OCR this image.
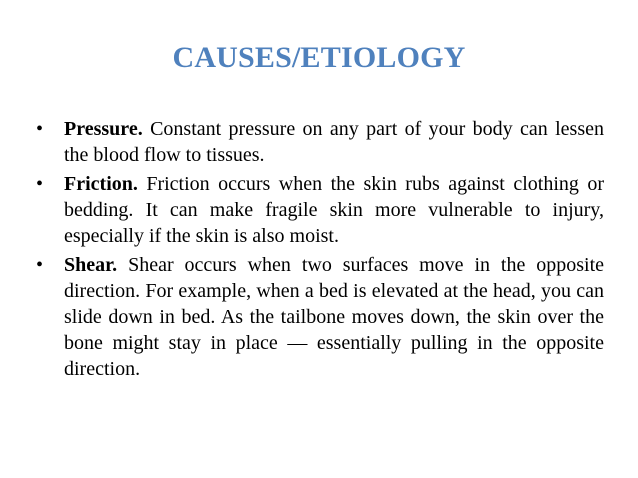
CAUSES/ETIOLOGY
• Pressure. Constant pressure on any part of your body can lessen the blood flow to tissues.
• Friction. Friction occurs when the skin rubs against clothing or bedding. It can make fragile skin more vulnerable to injury, especially if the skin is also moist.
• Shear. Shear occurs when two surfaces move in the opposite direction. For example, when a bed is elevated at the head, you can slide down in bed. As the tailbone moves down, the skin over the bone might stay in place — essentially pulling in the opposite direction.
